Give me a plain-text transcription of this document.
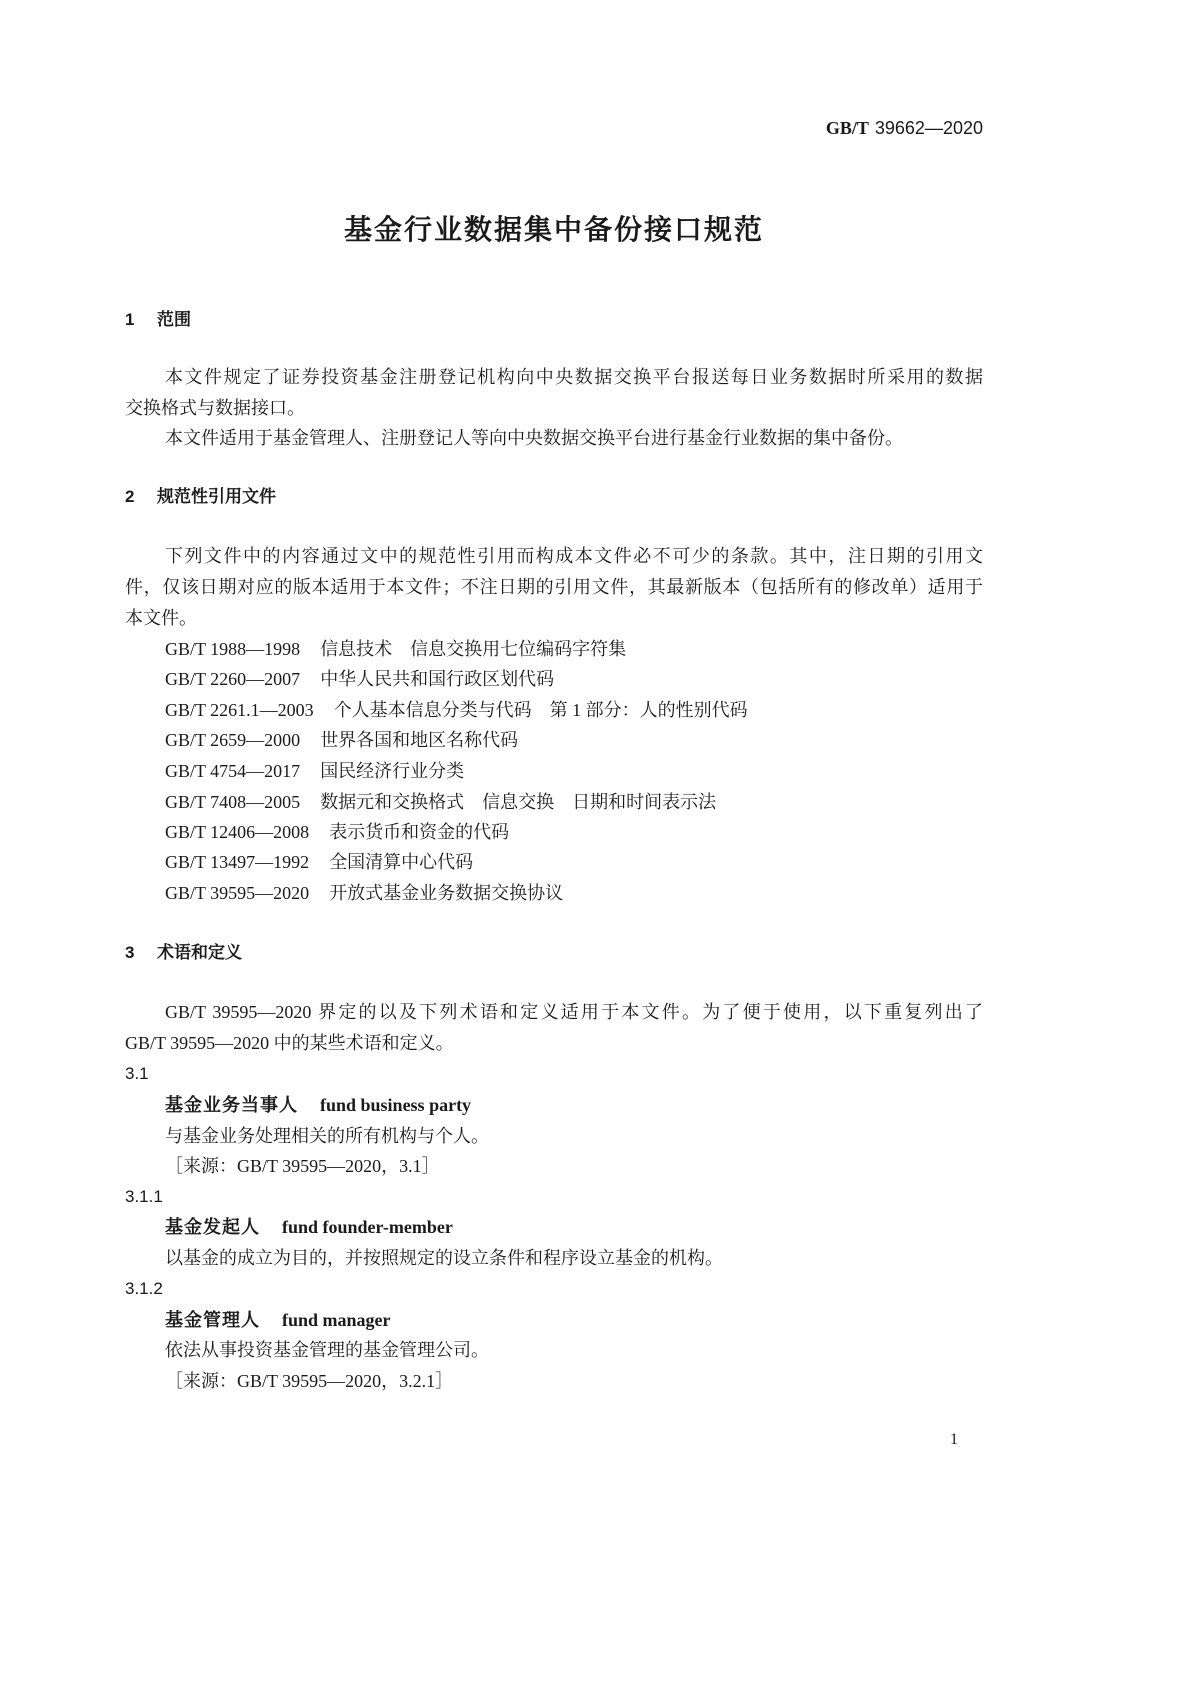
GB/T 39662—2020
基金行业数据集中备份接口规范
1 范围
本文件规定了证券投资基金注册登记机构向中央数据交换平台报送每日业务数据时所采用的数据
交换格式与数据接口。
本文件适用于基金管理人、注册登记人等向中央数据交换平台进行基金行业数据的集中备份。
2 规范性引用文件
下列文件中的内容通过文中的规范性引用而构成本文件必不可少的条款。其中，注日期的引用文
件，仅该日期对应的版本适用于本文件；不注日期的引用文件，其最新版本（包括所有的修改单）适用于
本文件。
GB/T 1988—1998 信息技术　信息交换用七位编码字符集
GB/T 2260—2007 中华人民共和国行政区划代码
GB/T 2261.1—2003 个人基本信息分类与代码　第 1 部分：人的性别代码
GB/T 2659—2000 世界各国和地区名称代码
GB/T 4754—2017 国民经济行业分类
GB/T 7408—2005 数据元和交换格式　信息交换　日期和时间表示法
GB/T 12406—2008 表示货币和资金的代码
GB/T 13497—1992 全国清算中心代码
GB/T 39595—2020 开放式基金业务数据交换协议
3 术语和定义
GB/T 39595—2020 界定的以及下列术语和定义适用于本文件。为了便于使用，以下重复列出了
GB/T 39595—2020 中的某些术语和定义。
3.1
基金业务当事人 fund business party
与基金业务处理相关的所有机构与个人。
［来源：GB/T 39595—2020，3.1］
3.1.1
基金发起人 fund founder-member
以基金的成立为目的，并按照规定的设立条件和程序设立基金的机构。
3.1.2
基金管理人 fund manager
依法从事投资基金管理的基金管理公司。
［来源：GB/T 39595—2020，3.2.1］
1
